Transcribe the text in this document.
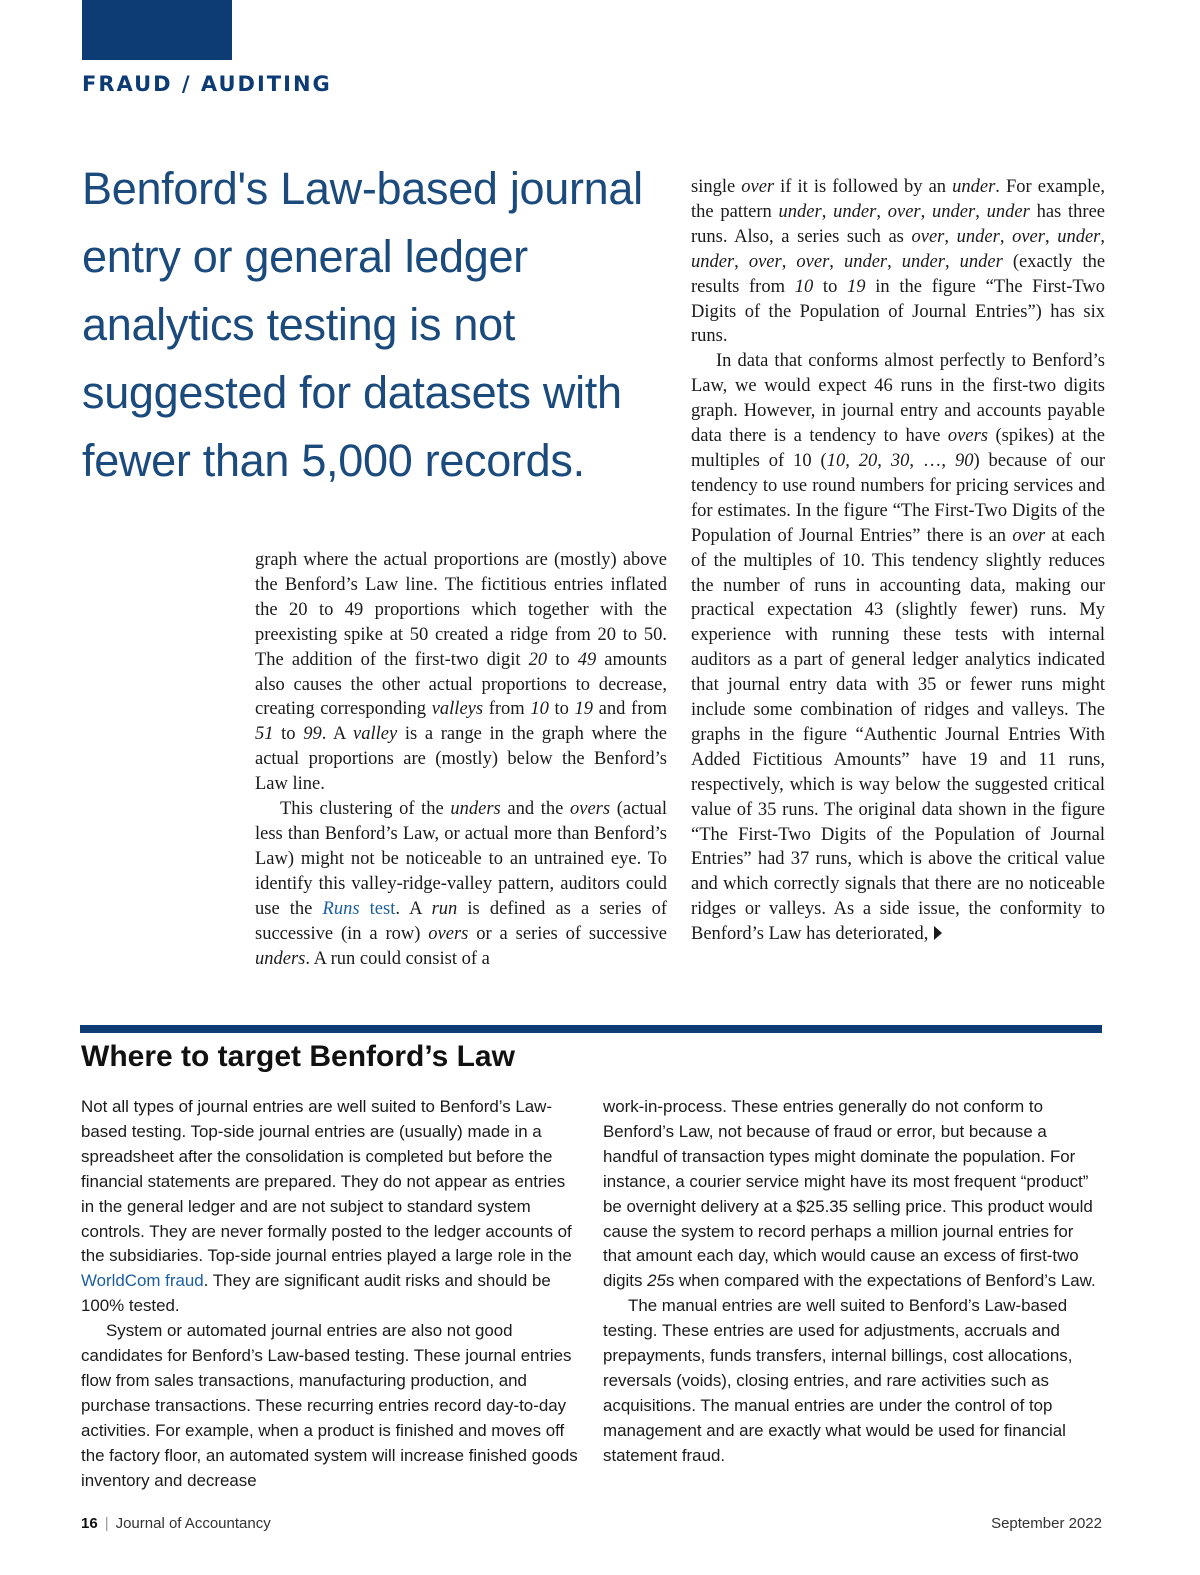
FRAUD / AUDITING
Benford's Law-based journal entry or general ledger analytics testing is not suggested for datasets with fewer than 5,000 records.

graph where the actual proportions are (mostly) above the Benford’s Law line. The fictitious entries inflated the 20 to 49 proportions which together with the preexisting spike at 50 created a ridge from 20 to 50. The addition of the first-two digit 20 to 49 amounts also causes the other actual proportions to decrease, creating corresponding valleys from 10 to 19 and from 51 to 99. A valley is a range in the graph where the actual proportions are (mostly) below the Benford’s Law line.

This clustering of the unders and the overs (actual less than Benford’s Law, or actual more than Benford’s Law) might not be noticeable to an untrained eye. To identify this valley-ridge-valley pattern, auditors could use the Runs test. A run is defined as a series of successive (in a row) overs or a series of successive unders. A run could consist of a

single over if it is followed by an under. For example, the pattern under, under, over, under, under has three runs. Also, a series such as over, under, over, under, under, over, over, under, under, under (exactly the results from 10 to 19 in the figure “The First-Two Digits of the Population of Journal Entries”) has six runs.

In data that conforms almost perfectly to Benford’s Law, we would expect 46 runs in the first-two digits graph. However, in journal entry and accounts payable data there is a tendency to have overs (spikes) at the multiples of 10 (10, 20, 30, …, 90) because of our tendency to use round numbers for pricing services and for estimates. In the figure “The First-Two Digits of the Population of Journal Entries” there is an over at each of the multiples of 10. This tendency slightly reduces the number of runs in accounting data, making our practical expectation 43 (slightly fewer) runs. My experience with running these tests with internal auditors as a part of general ledger analytics indicated that journal entry data with 35 or fewer runs might include some combination of ridges and valleys. The graphs in the figure “Authentic Journal Entries With Added Fictitious Amounts” have 19 and 11 runs, respectively, which is way below the suggested critical value of 35 runs. The original data shown in the figure “The First-Two Digits of the Population of Journal Entries” had 37 runs, which is above the critical value and which correctly signals that there are no noticeable ridges or valleys. As a side issue, the conformity to Benford’s Law has deteriorated,

Where to target Benford’s Law

Not all types of journal entries are well suited to Benford’s Law-based testing. Top-side journal entries are (usually) made in a spreadsheet after the consolidation is completed but before the financial statements are prepared. They do not appear as entries in the general ledger and are not subject to standard system controls. They are never formally posted to the ledger accounts of the subsidiaries. Top-side journal entries played a large role in the WorldCom fraud. They are significant audit risks and should be 100% tested.

System or automated journal entries are also not good candidates for Benford’s Law-based testing. These journal entries flow from sales transactions, manufacturing production, and purchase transactions. These recurring entries record day-to-day activities. For example, when a product is finished and moves off the factory floor, an automated system will increase finished goods inventory and decrease

work-in-process. These entries generally do not conform to Benford’s Law, not because of fraud or error, but because a handful of transaction types might dominate the population. For instance, a courier service might have its most frequent “product” be overnight delivery at a $25.35 selling price. This product would cause the system to record perhaps a million journal entries for that amount each day, which would cause an excess of first-two digits 25s when compared with the expectations of Benford’s Law.

The manual entries are well suited to Benford’s Law-based testing. These entries are used for adjustments, accruals and prepayments, funds transfers, internal billings, cost allocations, reversals (voids), closing entries, and rare activities such as acquisitions. The manual entries are under the control of top management and are exactly what would be used for financial statement fraud.

16 | Journal of Accountancy	September 2022
